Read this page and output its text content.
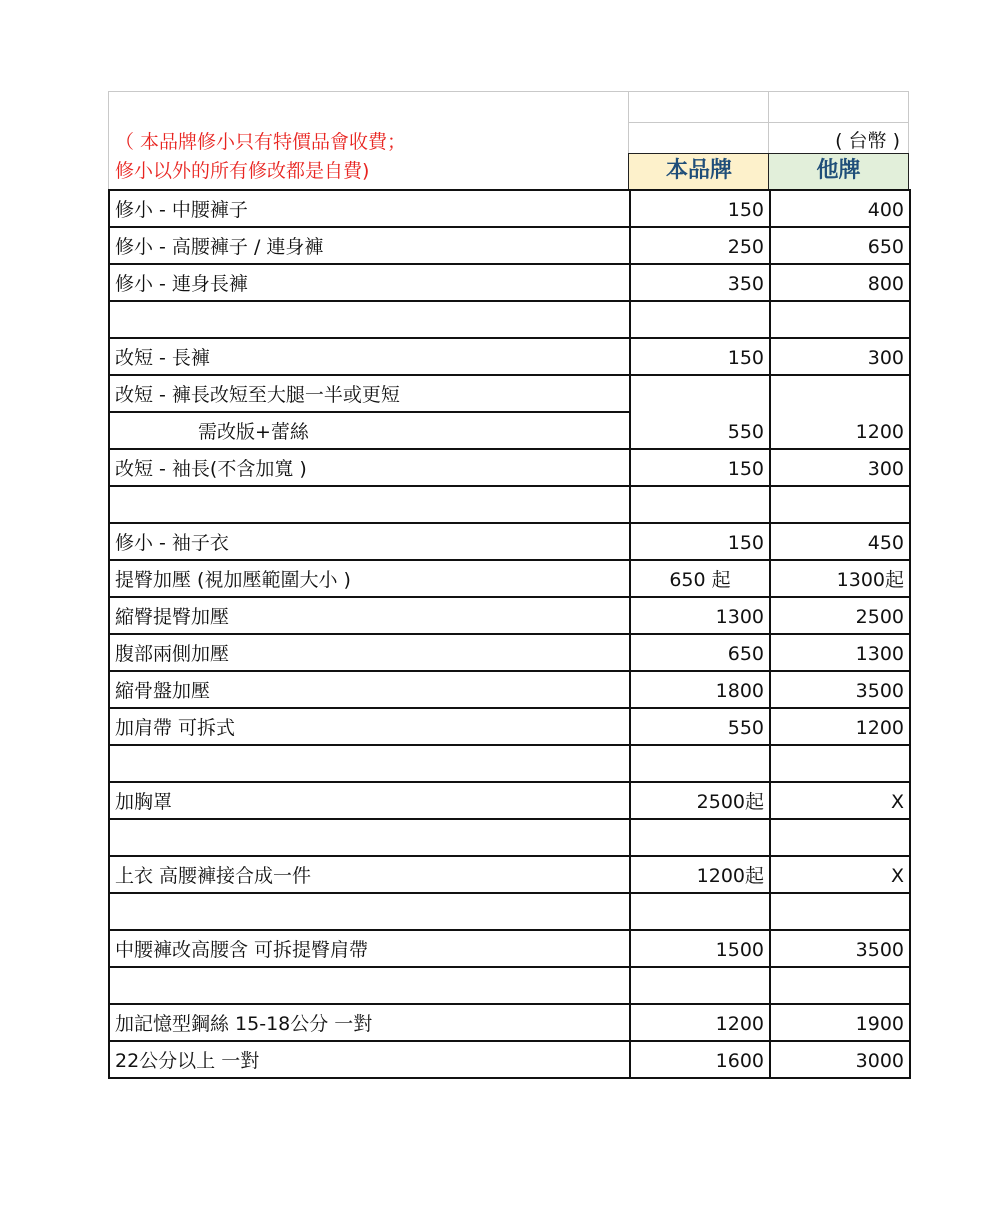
（ 本品牌修小只有特價品會收費；
修小以外的所有修改都是自費)
( 台幣 )
本品牌	他牌
修小 - 中腰褲子	150	400
修小 - 高腰褲子 / 連身褲	250	650
修小 - 連身長褲	350	800

改短 - 長褲	150	300
改短 - 褲長改短至大腿一半或更短	550	1200
需改版+蕾絲		
改短 - 袖長(不含加寬 )	150	300

修小 - 袖子衣	150	450
提臀加壓 (視加壓範圍大小 )	650 起	1300起
縮臀提臀加壓	1300	2500
腹部兩側加壓	650	1300
縮骨盤加壓	1800	3500
加肩帶 可拆式	550	1200

加胸罩	2500起	X

上衣 高腰褲接合成一件	1200起	X

中腰褲改高腰含 可拆提臀肩帶	1500	3500

加記憶型鋼絲 15-18公分 一對	1200	1900
22公分以上 一對	1600	3000
